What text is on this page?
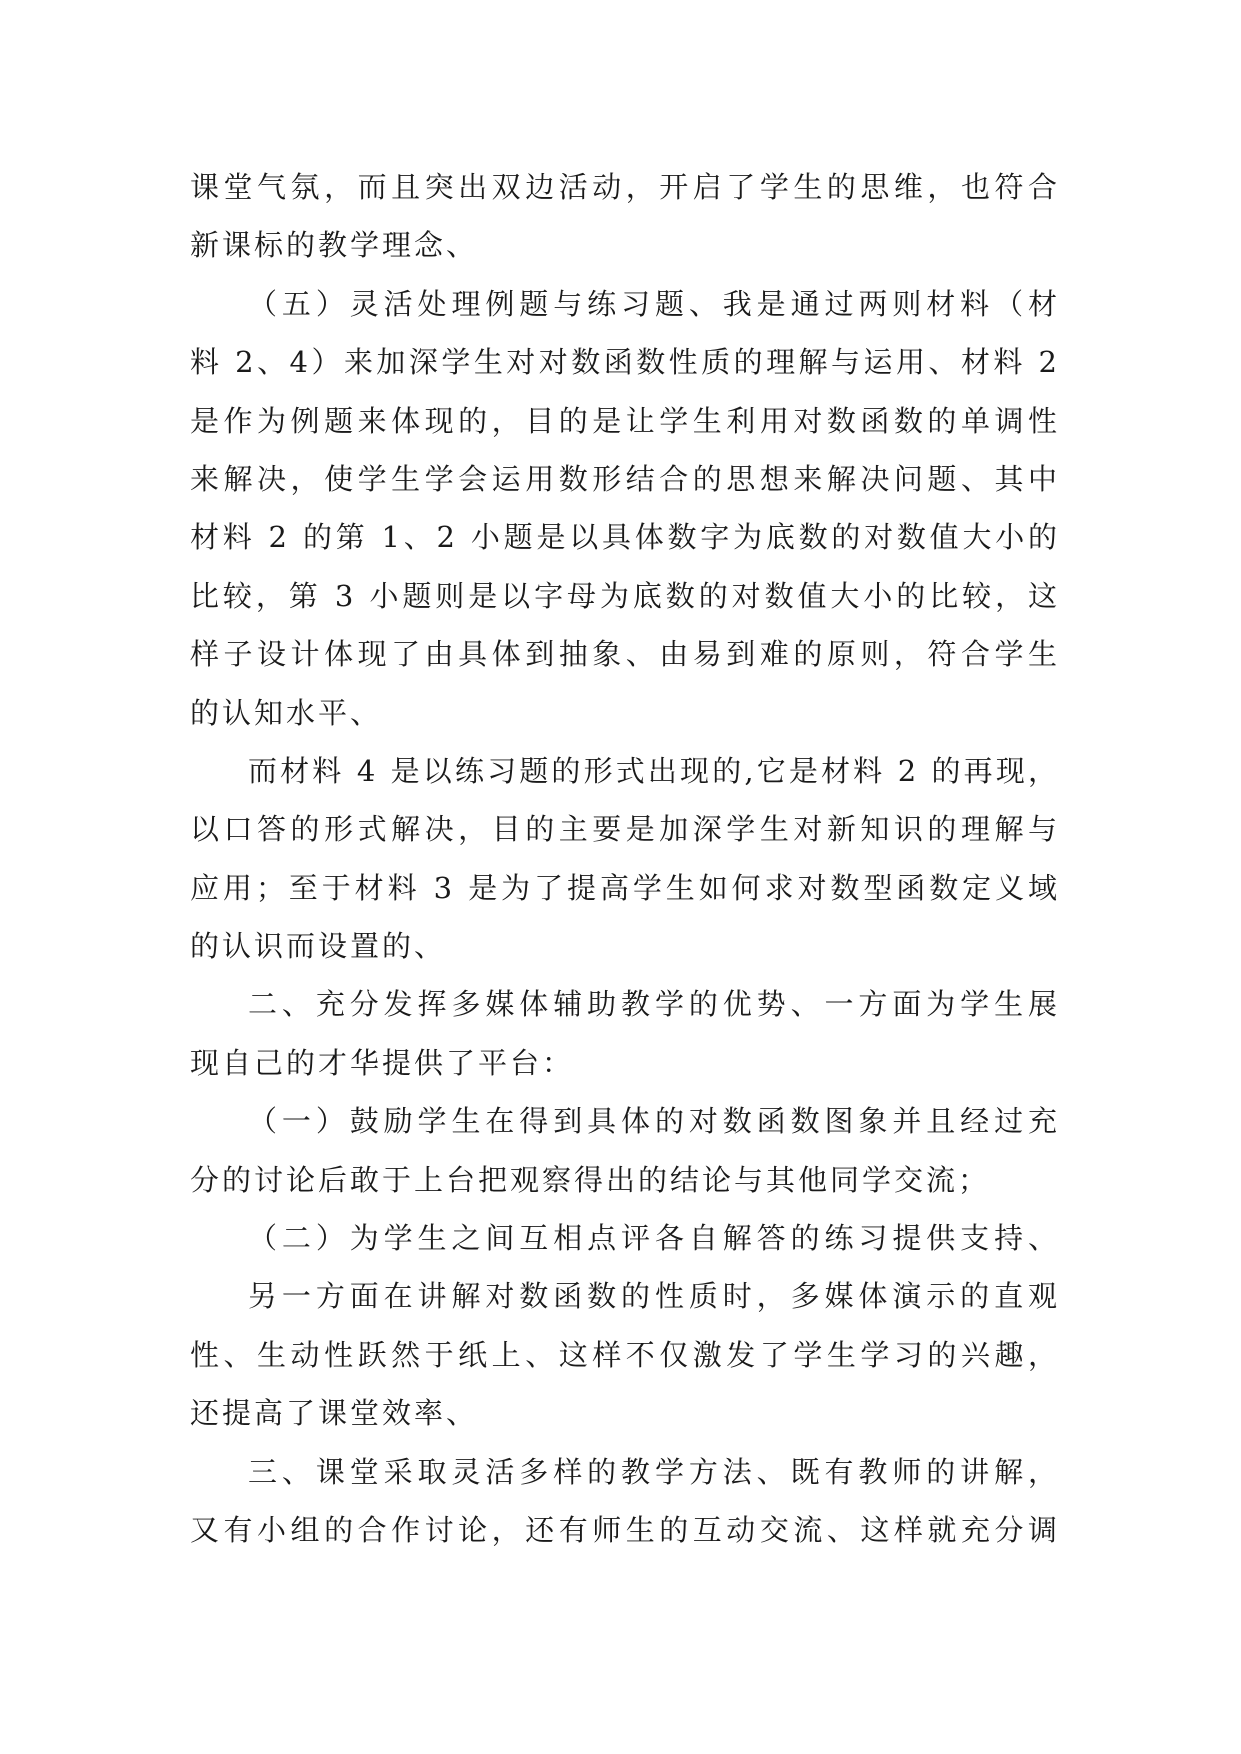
课堂气氛，而且突出双边活动，开启了学生的思维，也符合
新课标的教学理念、
（五）灵活处理例题与练习题、我是通过两则材料（材
料 2、4）来加深学生对对数函数性质的理解与运用、材料 2
是作为例题来体现的，目的是让学生利用对数函数的单调性
来解决，使学生学会运用数形结合的思想来解决问题、其中
材料 2 的第 1、2 小题是以具体数字为底数的对数值大小的
比较，第 3 小题则是以字母为底数的对数值大小的比较，这
样子设计体现了由具体到抽象、由易到难的原则，符合学生
的认知水平、
而材料 4 是以练习题的形式出现的,它是材料 2 的再现，
以口答的形式解决，目的主要是加深学生对新知识的理解与
应用；至于材料 3 是为了提高学生如何求对数型函数定义域
的认识而设置的、
二、充分发挥多媒体辅助教学的优势、一方面为学生展
现自己的才华提供了平台：
（一）鼓励学生在得到具体的对数函数图象并且经过充
分的讨论后敢于上台把观察得出的结论与其他同学交流；
（二）为学生之间互相点评各自解答的练习提供支持、
另一方面在讲解对数函数的性质时，多媒体演示的直观
性、生动性跃然于纸上、这样不仅激发了学生学习的兴趣，
还提高了课堂效率、
三、课堂采取灵活多样的教学方法、既有教师的讲解，
又有小组的合作讨论，还有师生的互动交流、这样就充分调
